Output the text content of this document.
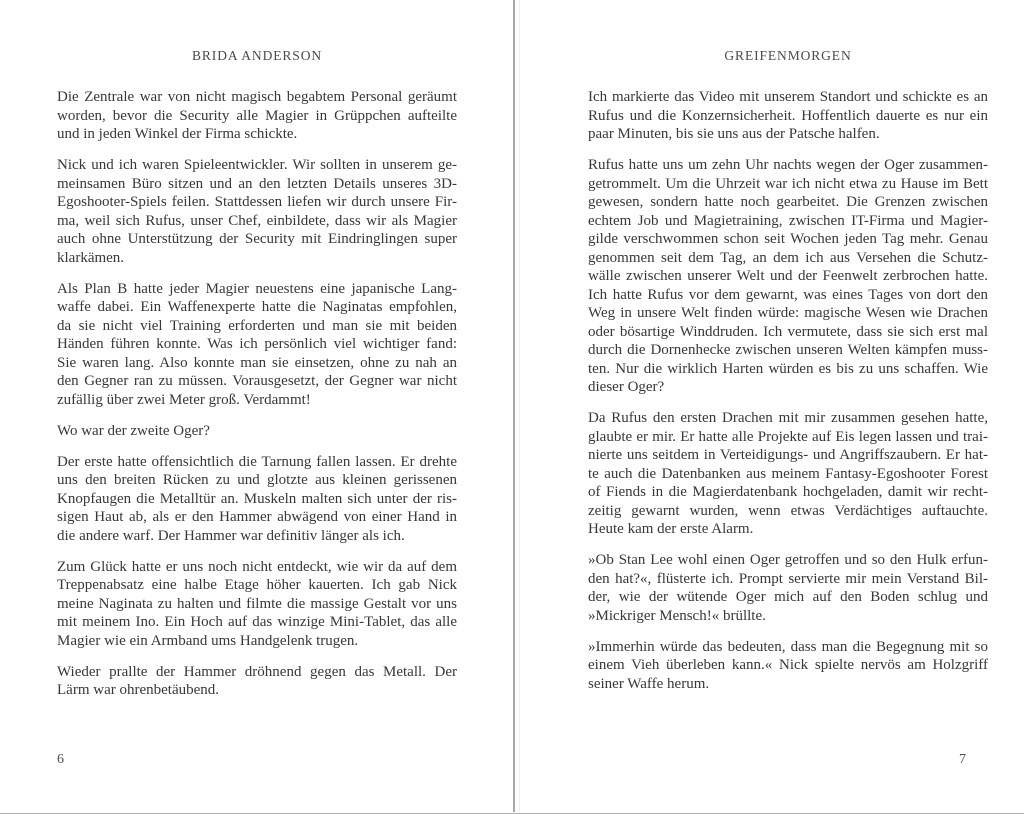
BRIDA ANDERSON
Die Zentrale war von nicht magisch begabtem Personal geräumt
worden, bevor die Security alle Magier in Grüppchen aufteilte
und in jeden Winkel der Firma schickte.
Nick und ich waren Spieleentwickler. Wir sollten in unserem ge-
meinsamen Büro sitzen und an den letzten Details unseres 3D-
Egoshooter-Spiels feilen. Stattdessen liefen wir durch unsere Fir-
ma, weil sich Rufus, unser Chef, einbildete, dass wir als Magier
auch ohne Unterstützung der Security mit Eindringlingen super
klarkämen.
Als Plan B hatte jeder Magier neuestens eine japanische Lang-
waffe dabei. Ein Waffenexperte hatte die Naginatas empfohlen,
da sie nicht viel Training erforderten und man sie mit beiden
Händen führen konnte. Was ich persönlich viel wichtiger fand:
Sie waren lang. Also konnte man sie einsetzen, ohne zu nah an
den Gegner ran zu müssen. Vorausgesetzt, der Gegner war nicht
zufällig über zwei Meter groß. Verdammt!
Wo war der zweite Oger?
Der erste hatte offensichtlich die Tarnung fallen lassen. Er drehte
uns den breiten Rücken zu und glotzte aus kleinen gerissenen
Knopfaugen die Metalltür an. Muskeln malten sich unter der ris-
sigen Haut ab, als er den Hammer abwägend von einer Hand in
die andere warf. Der Hammer war definitiv länger als ich.
Zum Glück hatte er uns noch nicht entdeckt, wie wir da auf dem
Treppenabsatz eine halbe Etage höher kauerten. Ich gab Nick
meine Naginata zu halten und filmte die massige Gestalt vor uns
mit meinem Ino. Ein Hoch auf das winzige Mini-Tablet, das alle
Magier wie ein Armband ums Handgelenk trugen.
Wieder prallte der Hammer dröhnend gegen das Metall. Der
Lärm war ohrenbetäubend.
6
GREIFENMORGEN
Ich markierte das Video mit unserem Standort und schickte es an
Rufus und die Konzernsicherheit. Hoffentlich dauerte es nur ein
paar Minuten, bis sie uns aus der Patsche halfen.
Rufus hatte uns um zehn Uhr nachts wegen der Oger zusammen-
getrommelt. Um die Uhrzeit war ich nicht etwa zu Hause im Bett
gewesen, sondern hatte noch gearbeitet. Die Grenzen zwischen
echtem Job und Magietraining, zwischen IT-Firma und Magier-
gilde verschwommen schon seit Wochen jeden Tag mehr. Genau
genommen seit dem Tag, an dem ich aus Versehen die Schutz-
wälle zwischen unserer Welt und der Feenwelt zerbrochen hatte.
Ich hatte Rufus vor dem gewarnt, was eines Tages von dort den
Weg in unsere Welt finden würde: magische Wesen wie Drachen
oder bösartige Winddruden. Ich vermutete, dass sie sich erst mal
durch die Dornenhecke zwischen unseren Welten kämpfen muss-
ten. Nur die wirklich Harten würden es bis zu uns schaffen. Wie
dieser Oger?
Da Rufus den ersten Drachen mit mir zusammen gesehen hatte,
glaubte er mir. Er hatte alle Projekte auf Eis legen lassen und trai-
nierte uns seitdem in Verteidigungs- und Angriffszaubern. Er hat-
te auch die Datenbanken aus meinem Fantasy-Egoshooter Forest
of Fiends in die Magierdatenbank hochgeladen, damit wir recht-
zeitig gewarnt wurden, wenn etwas Verdächtiges auftauchte.
Heute kam der erste Alarm.
»Ob Stan Lee wohl einen Oger getroffen und so den Hulk erfun-
den hat?«, flüsterte ich. Prompt servierte mir mein Verstand Bil-
der, wie der wütende Oger mich auf den Boden schlug und
»Mickriger Mensch!« brüllte.
»Immerhin würde das bedeuten, dass man die Begegnung mit so
einem Vieh überleben kann.« Nick spielte nervös am Holzgriff
seiner Waffe herum.
7
